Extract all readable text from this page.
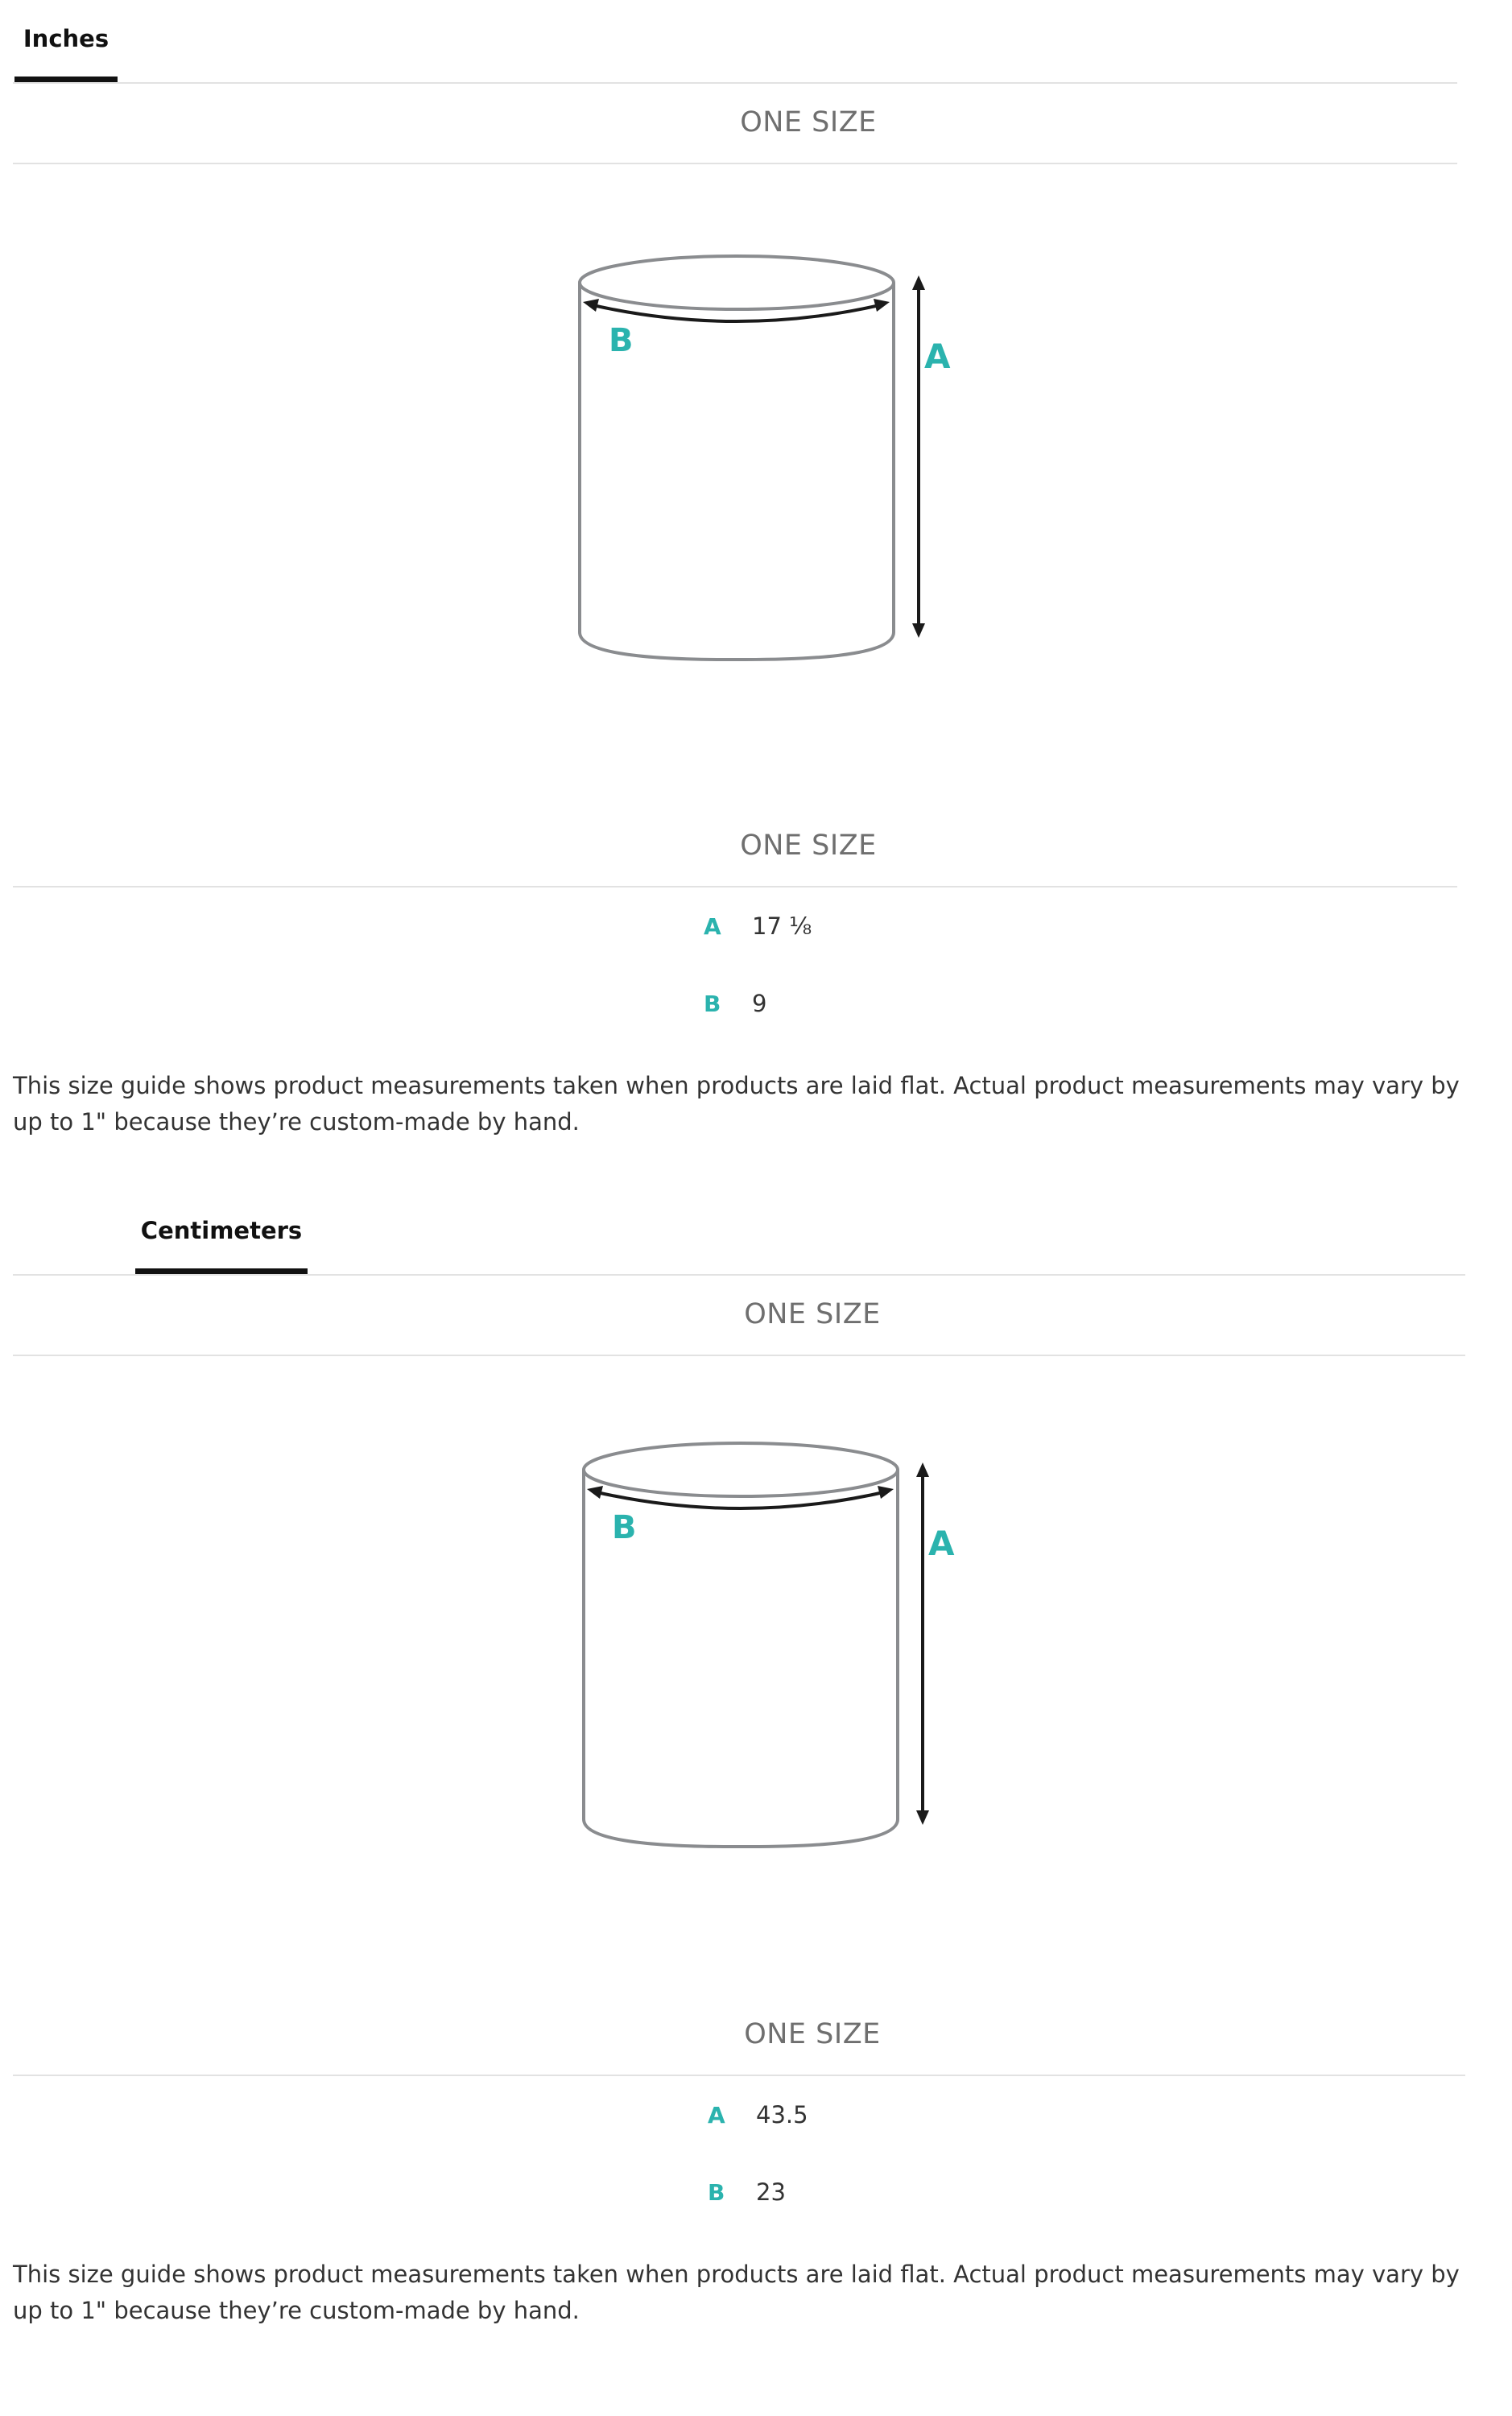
Inches
ONE SIZE
B	A
ONE SIZE
A	17 ⅛
B	9
This size guide shows product measurements taken when products are laid flat. Actual product measurements may vary by up to 1" because they’re custom-made by hand.
Centimeters
ONE SIZE
B	A
ONE SIZE
A	43.5
B	23
This size guide shows product measurements taken when products are laid flat. Actual product measurements may vary by up to 1" because they’re custom-made by hand.
